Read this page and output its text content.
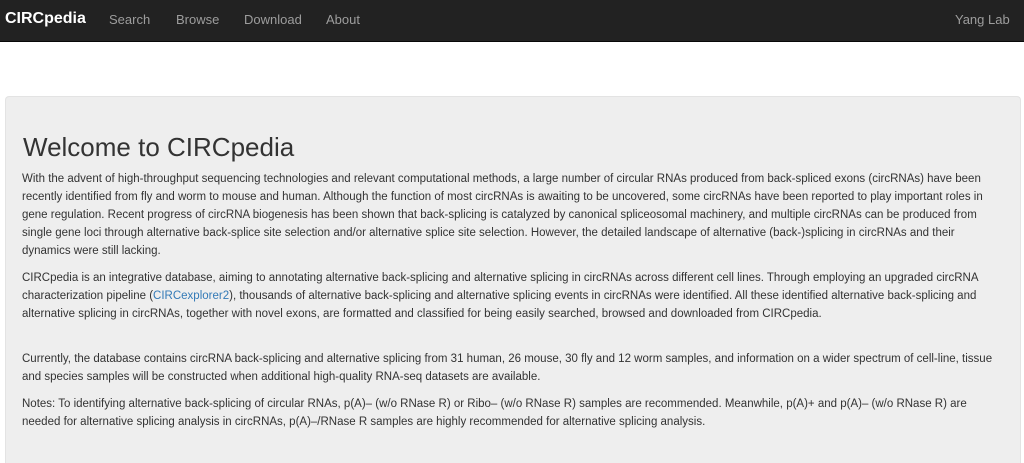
CIRCpedia Search Browse Download About	Yang Lab
Welcome to CIRCpedia

With the advent of high-throughput sequencing technologies and relevant computational methods, a large number of circular RNAs produced from back-spliced exons (circRNAs) have been recently identified from fly and worm to mouse and human. Although the function of most circRNAs is awaiting to be uncovered, some circRNAs have been reported to play important roles in gene regulation. Recent progress of circRNA biogenesis has been shown that back-splicing is catalyzed by canonical spliceosomal machinery, and multiple circRNAs can be produced from single gene loci through alternative back-splice site selection and/or alternative splice site selection. However, the detailed landscape of alternative (back-)splicing in circRNAs and their dynamics were still lacking.

CIRCpedia is an integrative database, aiming to annotating alternative back-splicing and alternative splicing in circRNAs across different cell lines. Through employing an upgraded circRNA characterization pipeline (CIRCexplorer2), thousands of alternative back-splicing and alternative splicing events in circRNAs were identified. All these identified alternative back-splicing and alternative splicing in circRNAs, together with novel exons, are formatted and classified for being easily searched, browsed and downloaded from CIRCpedia.

Currently, the database contains circRNA back-splicing and alternative splicing from 31 human, 26 mouse, 30 fly and 12 worm samples, and information on a wider spectrum of cell-line, tissue and species samples will be constructed when additional high-quality RNA-seq datasets are available.

Notes: To identifying alternative back-splicing of circular RNAs, p(A)– (w/o RNase R) or Ribo– (w/o RNase R) samples are recommended. Meanwhile, p(A)+ and p(A)– (w/o RNase R) are needed for alternative splicing analysis in circRNAs, p(A)–/RNase R samples are highly recommended for alternative splicing analysis.
